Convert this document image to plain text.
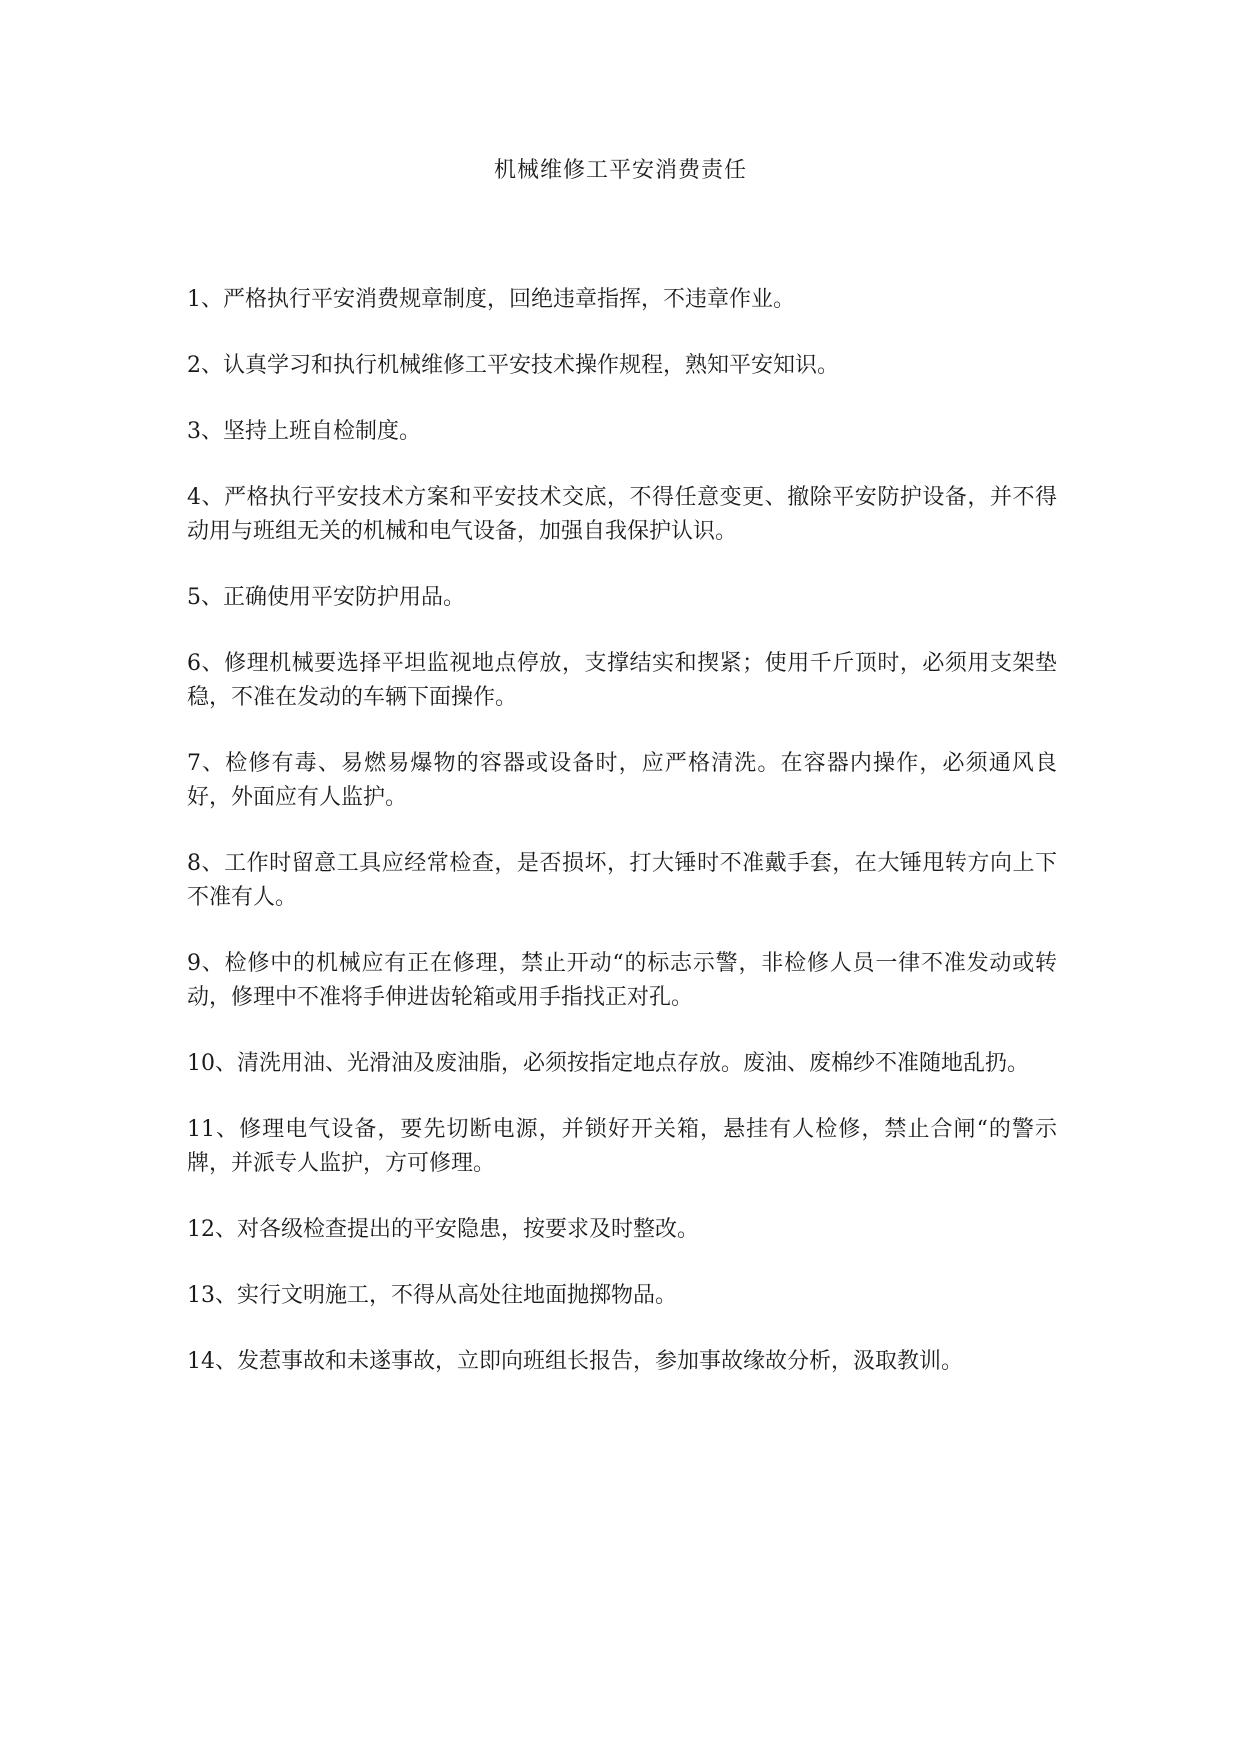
机械维修工平安消费责任

1、严格执行平安消费规章制度，回绝违章指挥，不违章作业。

2、认真学习和执行机械维修工平安技术操作规程，熟知平安知识。

3、坚持上班自检制度。

4、严格执行平安技术方案和平安技术交底，不得任意变更、撤除平安防护设备，并不得动用与班组无关的机械和电气设备，加强自我保护认识。

5、正确使用平安防护用品。

6、修理机械要选择平坦监视地点停放，支撑结实和揳紧；使用千斤顶时，必须用支架垫稳，不准在发动的车辆下面操作。

7、检修有毒、易燃易爆物的容器或设备时，应严格清洗。在容器内操作，必须通风良好，外面应有人监护。

8、工作时留意工具应经常检查，是否损坏，打大锤时不准戴手套，在大锤甩转方向上下不准有人。

9、检修中的机械应有正在修理，禁止开动“的标志示警，非检修人员一律不准发动或转动，修理中不准将手伸进齿轮箱或用手指找正对孔。

10、清洗用油、光滑油及废油脂，必须按指定地点存放。废油、废棉纱不准随地乱扔。

11、修理电气设备，要先切断电源，并锁好开关箱，悬挂有人检修，禁止合闸“的警示牌，并派专人监护，方可修理。

12、对各级检查提出的平安隐患，按要求及时整改。

13、实行文明施工，不得从高处往地面抛掷物品。

14、发惹事故和未遂事故，立即向班组长报告，参加事故缘故分析，汲取教训。
